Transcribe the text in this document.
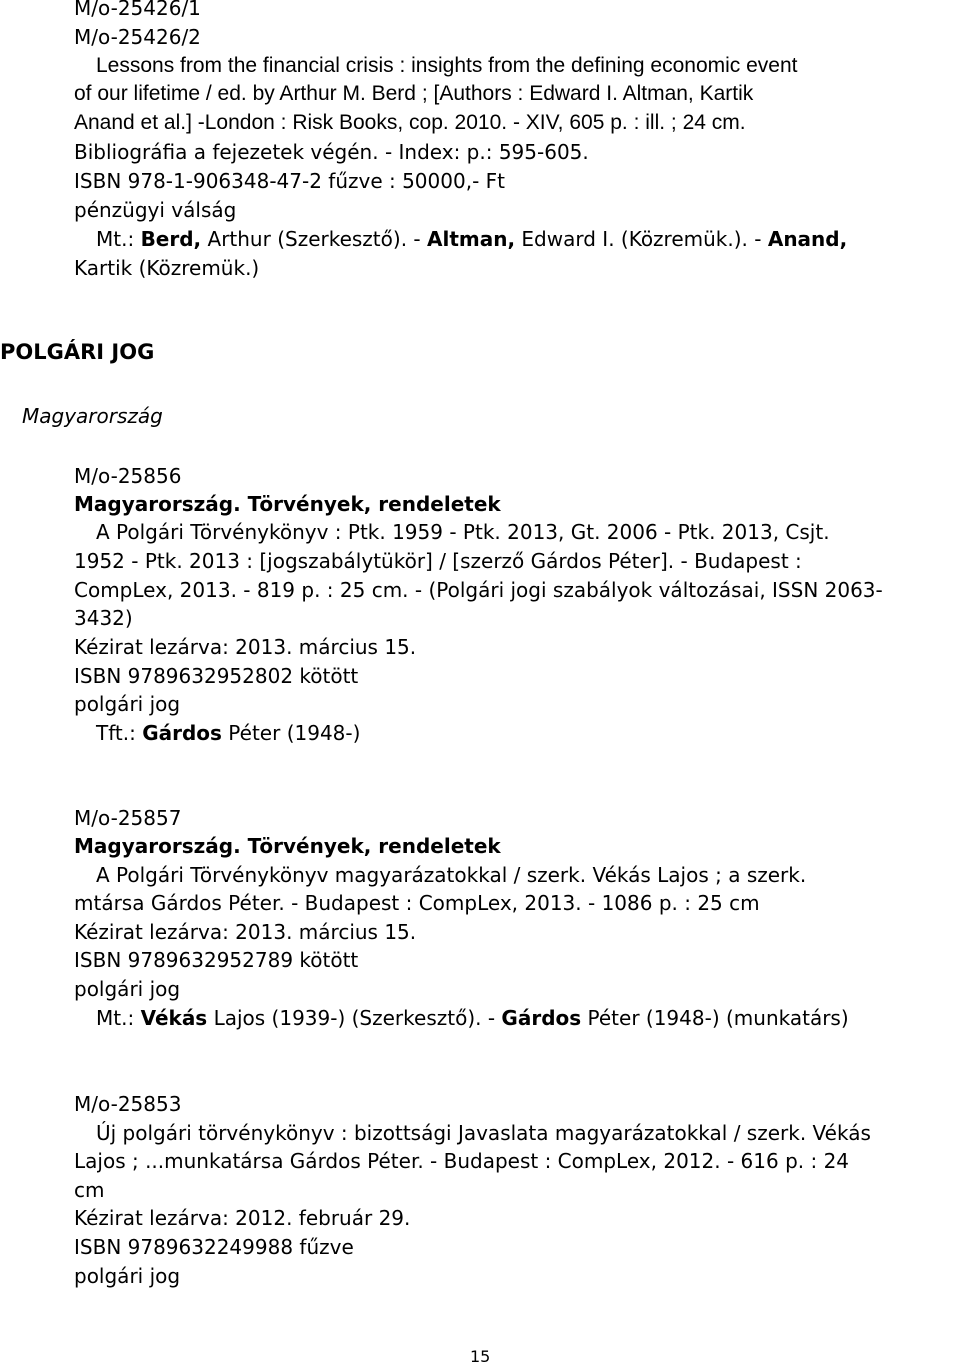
M/o-25426/1
M/o-25426/2
Lessons from the financial crisis : insights from the defining economic event
of our lifetime / ed. by Arthur M. Berd ; [Authors : Edward I. Altman, Kartik
Anand et al.] -London : Risk Books, cop. 2010. - XIV, 605 p. : ill. ; 24 cm.
Bibliográfia a fejezetek végén. - Index: p.: 595-605.
ISBN 978-1-906348-47-2 fűzve : 50000,- Ft
pénzügyi válság
Mt.: Berd, Arthur (Szerkesztő). - Altman, Edward I. (Közremük.). - Anand,
Kartik (Közremük.)
POLGÁRI JOG
Magyarország
M/o-25856
Magyarország. Törvények, rendeletek
A Polgári Törvénykönyv : Ptk. 1959 - Ptk. 2013, Gt. 2006 - Ptk. 2013, Csjt.
1952 - Ptk. 2013 : [jogszabálytükör] / [szerző Gárdos Péter]. - Budapest :
CompLex, 2013. - 819 p. : 25 cm. - (Polgári jogi szabályok változásai, ISSN 2063-
3432)
Kézirat lezárva: 2013. március 15.
ISBN 9789632952802 kötött
polgári jog
Tft.: Gárdos Péter (1948-)
M/o-25857
Magyarország. Törvények, rendeletek
A Polgári Törvénykönyv magyarázatokkal / szerk. Vékás Lajos ; a szerk.
mtársa Gárdos Péter. - Budapest : CompLex, 2013. - 1086 p. : 25 cm
Kézirat lezárva: 2013. március 15.
ISBN 9789632952789 kötött
polgári jog
Mt.: Vékás Lajos (1939-) (Szerkesztő). - Gárdos Péter (1948-) (munkatárs)
M/o-25853
Új polgári törvénykönyv : bizottsági Javaslata magyarázatokkal / szerk. Vékás
Lajos ; ...munkatársa Gárdos Péter. - Budapest : CompLex, 2012. - 616 p. : 24
cm
Kézirat lezárva: 2012. február 29.
ISBN 9789632249988 fűzve
polgári jog
15
